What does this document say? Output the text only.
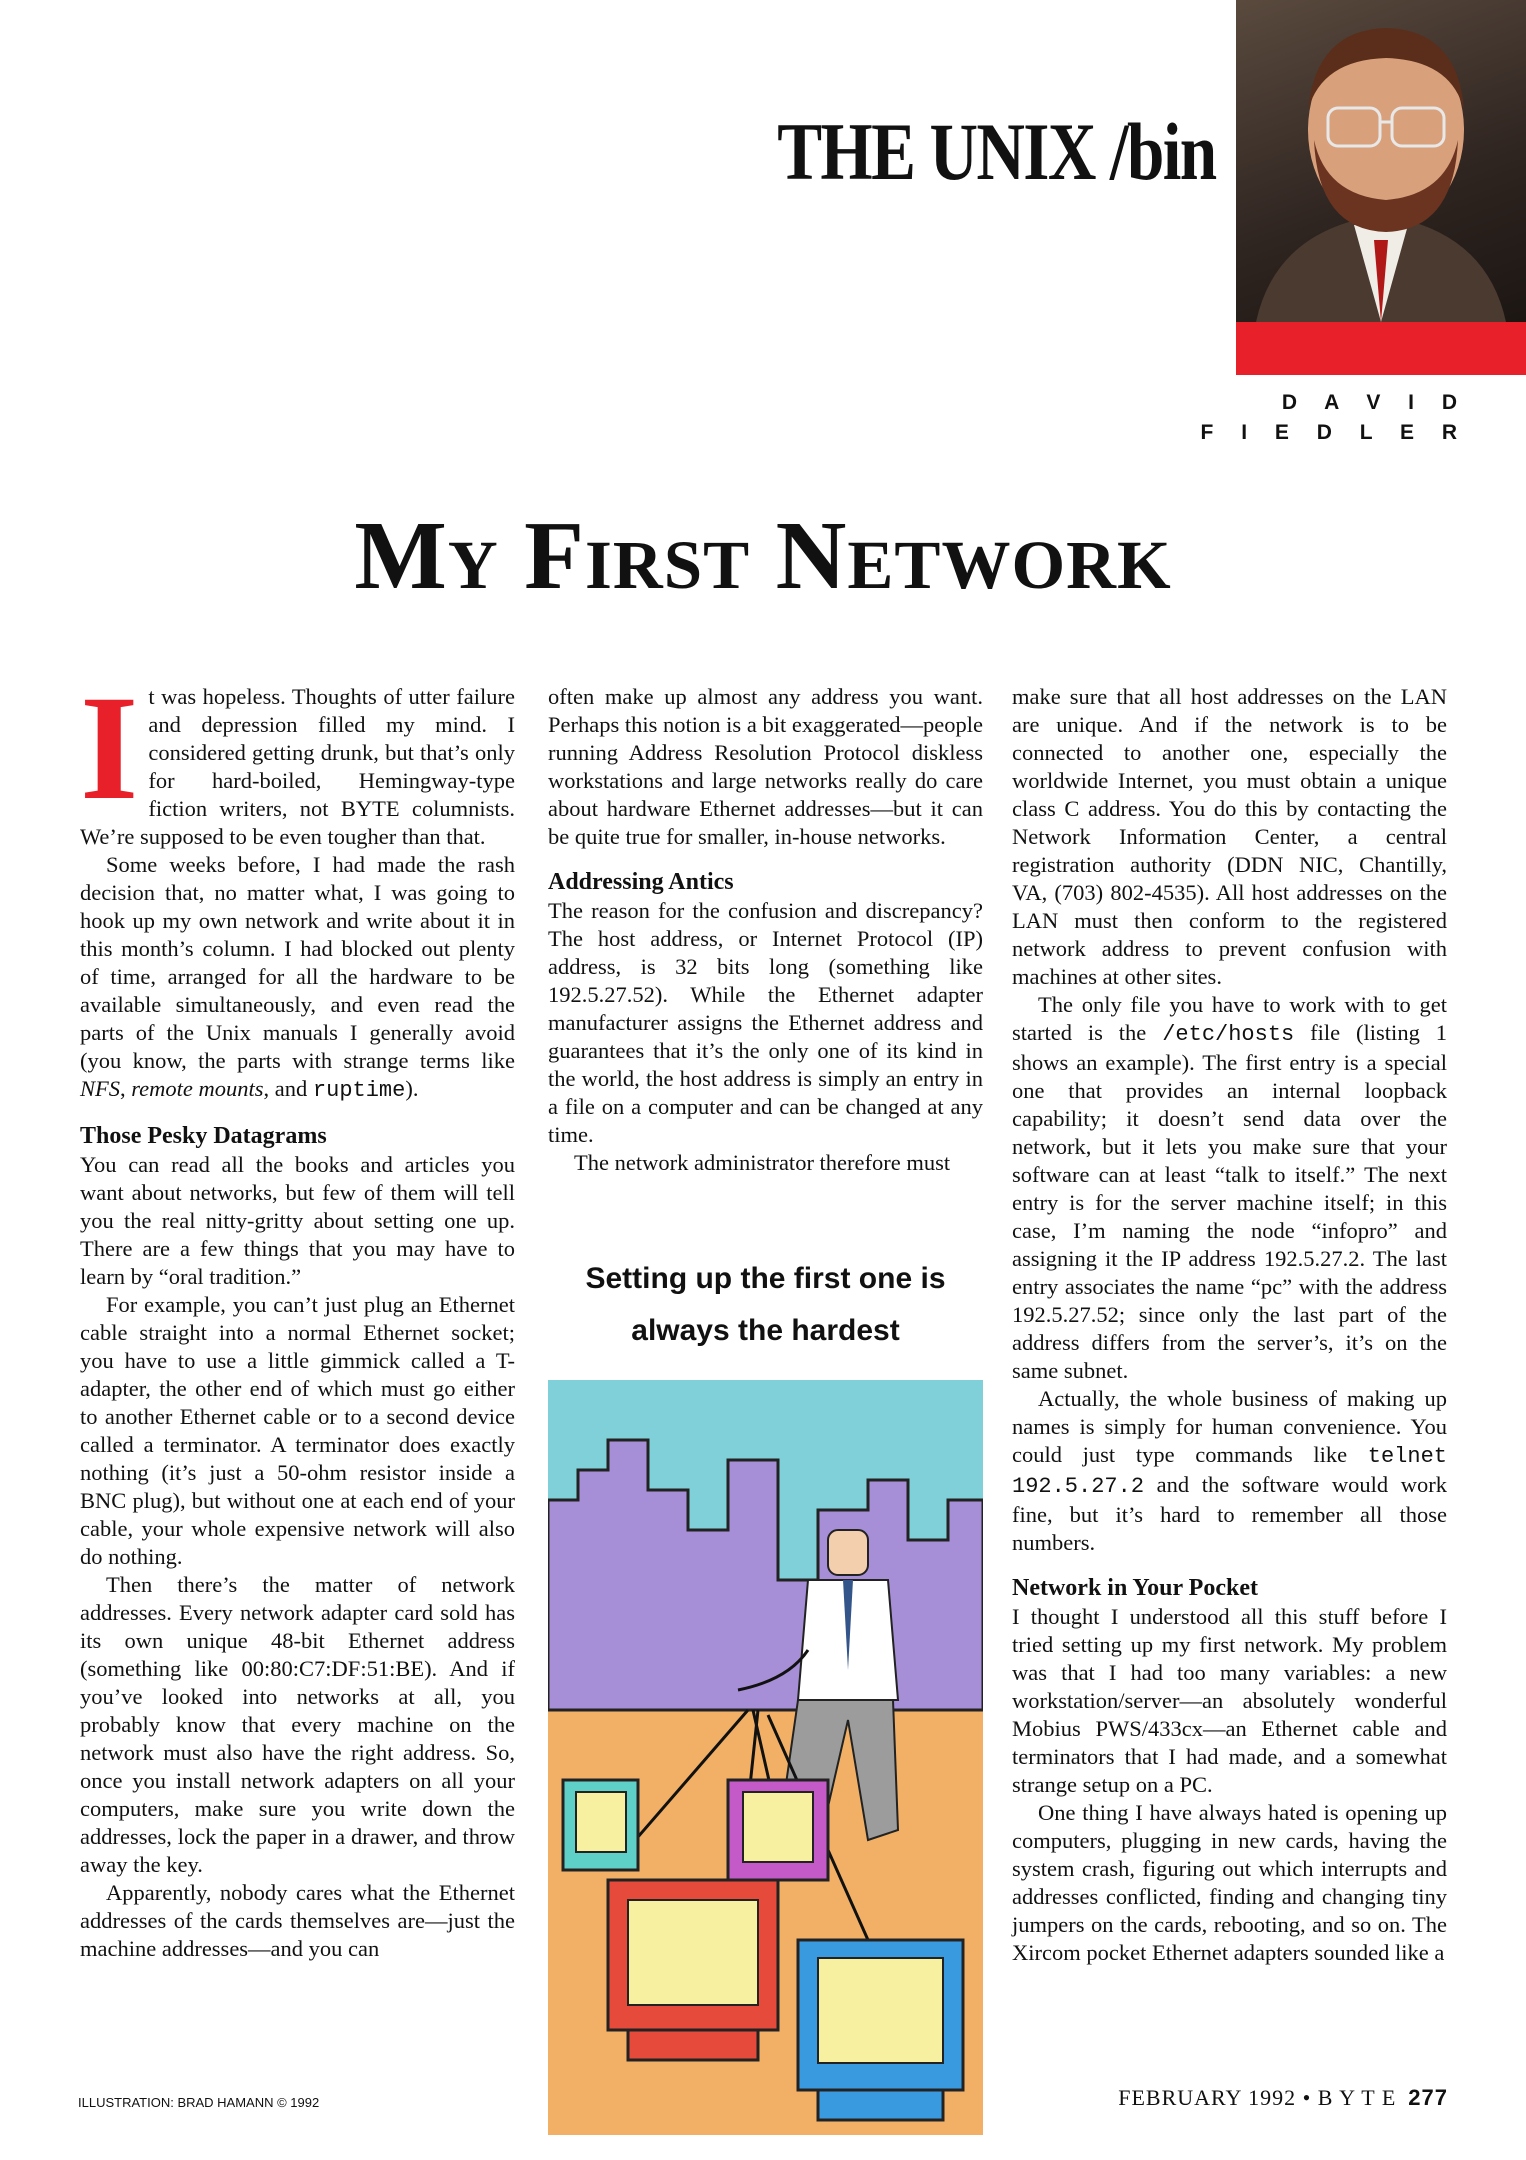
THE UNIX /bin
D A V I D
F I E D L E R
My First Network

It was hopeless. Thoughts of utter failure and depression filled my mind. I considered getting drunk, but that’s only for hard-boiled, Hemingway-type fiction writers, not BYTE columnists. We’re supposed to be even tougher than that.

Some weeks before, I had made the rash decision that, no matter what, I was going to hook up my own network and write about it in this month’s column. I had blocked out plenty of time, arranged for all the hardware to be available simultaneously, and even read the parts of the Unix manuals I generally avoid (you know, the parts with strange terms like NFS, remote mounts, and ruptime).

Those Pesky Datagrams

You can read all the books and articles you want about networks, but few of them will tell you the real nitty-gritty about setting one up. There are a few things that you may have to learn by “oral tradition.”

For example, you can’t just plug an Ethernet cable straight into a normal Ethernet socket; you have to use a little gimmick called a T-adapter, the other end of which must go either to another Ethernet cable or to a second device called a terminator. A terminator does exactly nothing (it’s just a 50-ohm resistor inside a BNC plug), but without one at each end of your cable, your whole expensive network will also do nothing.

Then there’s the matter of network addresses. Every network adapter card sold has its own unique 48-bit Ethernet address (something like 00:80:C7:DF:51:BE). And if you’ve looked into networks at all, you probably know that every machine on the network must also have the right address. So, once you install network adapters on all your computers, make sure you write down the addresses, lock the paper in a drawer, and throw away the key.

Apparently, nobody cares what the Ethernet addresses of the cards themselves are—just the machine addresses—and you can

often make up almost any address you want. Perhaps this notion is a bit exaggerated—people running Address Resolution Protocol diskless workstations and large networks really do care about hardware Ethernet addresses—but it can be quite true for smaller, in-house networks.

Addressing Antics

The reason for the confusion and discrepancy? The host address, or Internet Protocol (IP) address, is 32 bits long (something like 192.5.27.52). While the Ethernet adapter manufacturer assigns the Ethernet address and guarantees that it’s the only one of its kind in the world, the host address is simply an entry in a file on a computer and can be changed at any time.

The network administrator therefore must

Setting up the first one is always the hardest

make sure that all host addresses on the LAN are unique. And if the network is to be connected to another one, especially the worldwide Internet, you must obtain a unique class C address. You do this by contacting the Network Information Center, a central registration authority (DDN NIC, Chantilly, VA, (703) 802-4535). All host addresses on the LAN must then conform to the registered network address to prevent confusion with machines at other sites.

The only file you have to work with to get started is the /etc/hosts file (listing 1 shows an example). The first entry is a special one that provides an internal loopback capability; it doesn’t send data over the network, but it lets you make sure that your software can at least “talk to itself.” The next entry is for the server machine itself; in this case, I’m naming the node “infopro” and assigning it the IP address 192.5.27.2. The last entry associates the name “pc” with the address 192.5.27.52; since only the last part of the address differs from the server’s, it’s on the same subnet.

Actually, the whole business of making up names is simply for human convenience. You could just type commands like telnet 192.5.27.2 and the software would work fine, but it’s hard to remember all those numbers.

Network in Your Pocket

I thought I understood all this stuff before I tried setting up my first network. My problem was that I had too many variables: a new workstation/server—an absolutely wonderful Mobius PWS/433cx—an Ethernet cable and terminators that I had made, and a somewhat strange setup on a PC.

One thing I have always hated is opening up computers, plugging in new cards, having the system crash, figuring out which interrupts and addresses conflicted, finding and changing tiny jumpers on the cards, rebooting, and so on. The Xircom pocket Ethernet adapters sounded like a

ILLUSTRATION: BRAD HAMANN © 1992	FEBRUARY 1992 • B Y T E 277
